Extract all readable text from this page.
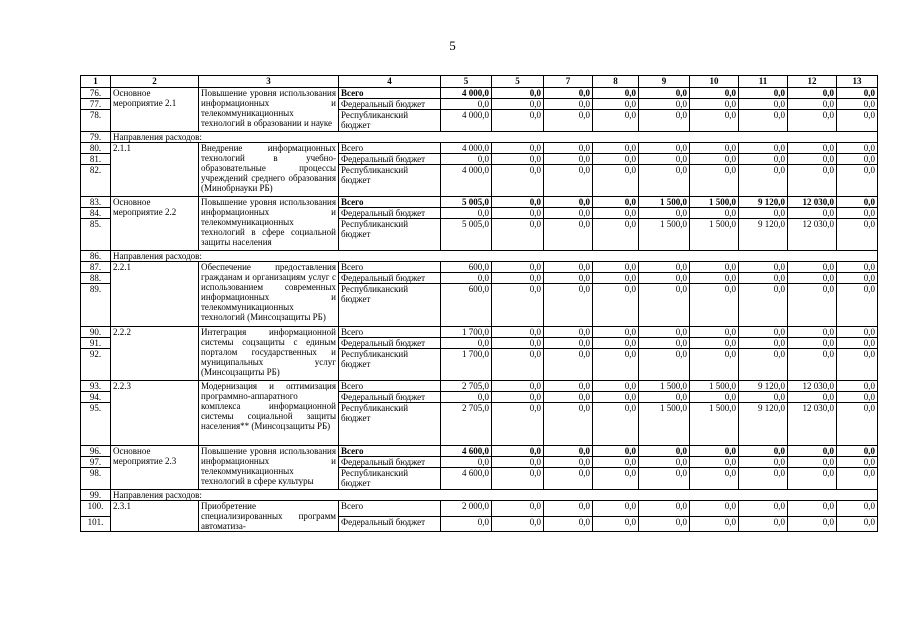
5
1	2	3	4	5	5	7	8	9	10	11	12	13
76.	Основное мероприятие 2.1	Повышение уровня использования информационных и телекоммуникационных технологий в образовании и науке	Всего	4 000,0	0,0	0,0	0,0	0,0	0,0	0,0	0,0	0,0
77.			Федеральный бюджет	0,0	0,0	0,0	0,0	0,0	0,0	0,0	0,0	0,0
78.			Республиканский бюджет	4 000,0	0,0	0,0	0,0	0,0	0,0	0,0	0,0	0,0
79.	Направления расходов:											
80.	2.1.1	Внедрение информационных технологий в учебно-образовательные процессы учреждений среднего образования (Минобрнауки РБ)	Всего	4 000,0	0,0	0,0	0,0	0,0	0,0	0,0	0,0	0,0
81.			Федеральный бюджет	0,0	0,0	0,0	0,0	0,0	0,0	0,0	0,0	0,0
82.			Республиканский бюджет	4 000,0	0,0	0,0	0,0	0,0	0,0	0,0	0,0	0,0
83.	Основное мероприятие 2.2	Повышение уровня использования информационных и телекоммуникационных технологий в сфере социальной защиты населения	Всего	5 005,0	0,0	0,0	0,0	1 500,0	1 500,0	9 120,0	12 030,0	0,0
84.			Федеральный бюджет	0,0	0,0	0,0	0,0	0,0	0,0	0,0	0,0	0,0
85.			Республиканский бюджет	5 005,0	0,0	0,0	0,0	1 500,0	1 500,0	9 120,0	12 030,0	0,0
86.	Направления расходов:											
87.	2.2.1	Обеспечение предоставления гражданам и организациям услуг с использованием современных информационных и телекоммуникационных технологий (Минсоцзащиты РБ)	Всего	600,0	0,0	0,0	0,0	0,0	0,0	0,0	0,0	0,0
88.			Федеральный бюджет	0,0	0,0	0,0	0,0	0,0	0,0	0,0	0,0	0,0
89.			Республиканский бюджет	600,0	0,0	0,0	0,0	0,0	0,0	0,0	0,0	0,0
90.	2.2.2	Интеграция информационной системы соцзащиты с единым порталом государственных и муниципальных услуг (Минсоцзащиты РБ)	Всего	1 700,0	0,0	0,0	0,0	0,0	0,0	0,0	0,0	0,0
91.			Федеральный бюджет	0,0	0,0	0,0	0,0	0,0	0,0	0,0	0,0	0,0
92.			Республиканский бюджет	1 700,0	0,0	0,0	0,0	0,0	0,0	0,0	0,0	0,0
93.	2.2.3	Модернизация и оптимизация программно-аппаратного комплекса информационной системы социальной защиты населения** (Минсоцзащиты РБ)	Всего	2 705,0	0,0	0,0	0,0	1 500,0	1 500,0	9 120,0	12 030,0	0,0
94.			Федеральный бюджет	0,0	0,0	0,0	0,0	0,0	0,0	0,0	0,0	0,0
95.			Республиканский бюджет	2 705,0	0,0	0,0	0,0	1 500,0	1 500,0	9 120,0	12 030,0	0,0
96.	Основное мероприятие 2.3	Повышение уровня использования информационных и телекоммуникационных технологий в сфере культуры	Всего	4 600,0	0,0	0,0	0,0	0,0	0,0	0,0	0,0	0,0
97.			Федеральный бюджет	0,0	0,0	0,0	0,0	0,0	0,0	0,0	0,0	0,0
98.			Республиканский бюджет	4 600,0	0,0	0,0	0,0	0,0	0,0	0,0	0,0	0,0
99.	Направления расходов:											
100.	2.3.1	Приобретение специализированных программ автоматиза-	Всего	2 000,0	0,0	0,0	0,0	0,0	0,0	0,0	0,0	0,0
101.			Федеральный бюджет	0,0	0,0	0,0	0,0	0,0	0,0	0,0	0,0	0,0
